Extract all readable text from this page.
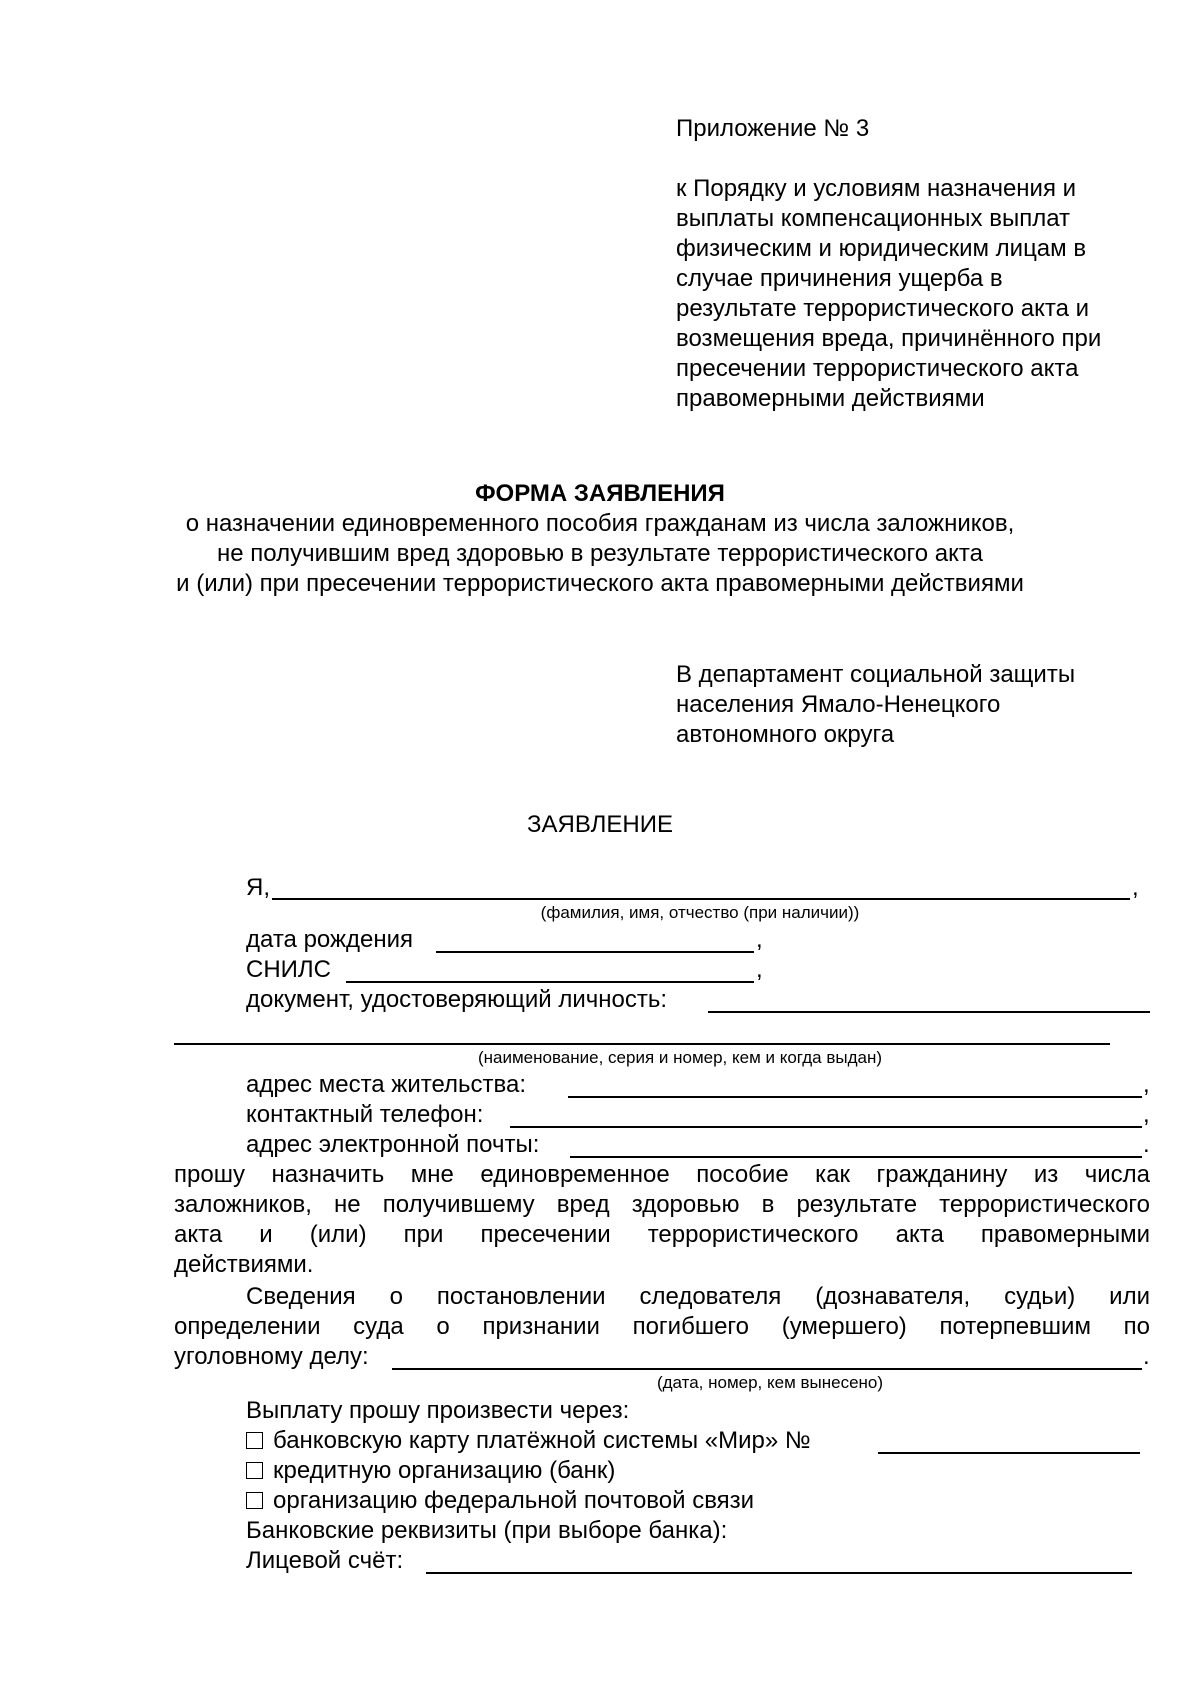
Приложение № 3

к Порядку и условиям назначения и
выплаты компенсационных выплат
физическим и юридическим лицам в
случае причинения ущерба в
результате террористического акта и
возмещения вреда, причинённого при
пресечении террористического акта
правомерными действиями
ФОРМА ЗАЯВЛЕНИЯ
о назначении единовременного пособия гражданам из числа заложников,
не получившим вред здоровью в результате террористического акта
и (или) при пресечении террористического акта правомерными действиями
В департамент социальной защиты
населения Ямало-Ненецкого
автономного округа
ЗАЯВЛЕНИЕ
Я,	,
(фамилия, имя, отчество (при наличии))
дата рождения	,
СНИЛС	,
документ, удостоверяющий личность:
(наименование, серия и номер, кем и когда выдан)
адрес места жительства:	,
контактный телефон:	,
адрес электронной почты:	.
прошу назначить мне единовременное пособие как гражданину из числа
заложников, не получившему вред здоровью в результате террористического
акта и (или) при пресечении террористического акта правомерными
действиями.
Сведения о постановлении следователя (дознавателя, судьи) или
определении суда о признании погибшего (умершего) потерпевшим по
уголовному делу:	.
(дата, номер, кем вынесено)
Выплату прошу произвести через:
банковскую карту платёжной системы «Мир» №
кредитную организацию (банк)
организацию федеральной почтовой связи
Банковские реквизиты (при выборе банка):
Лицевой счёт:
